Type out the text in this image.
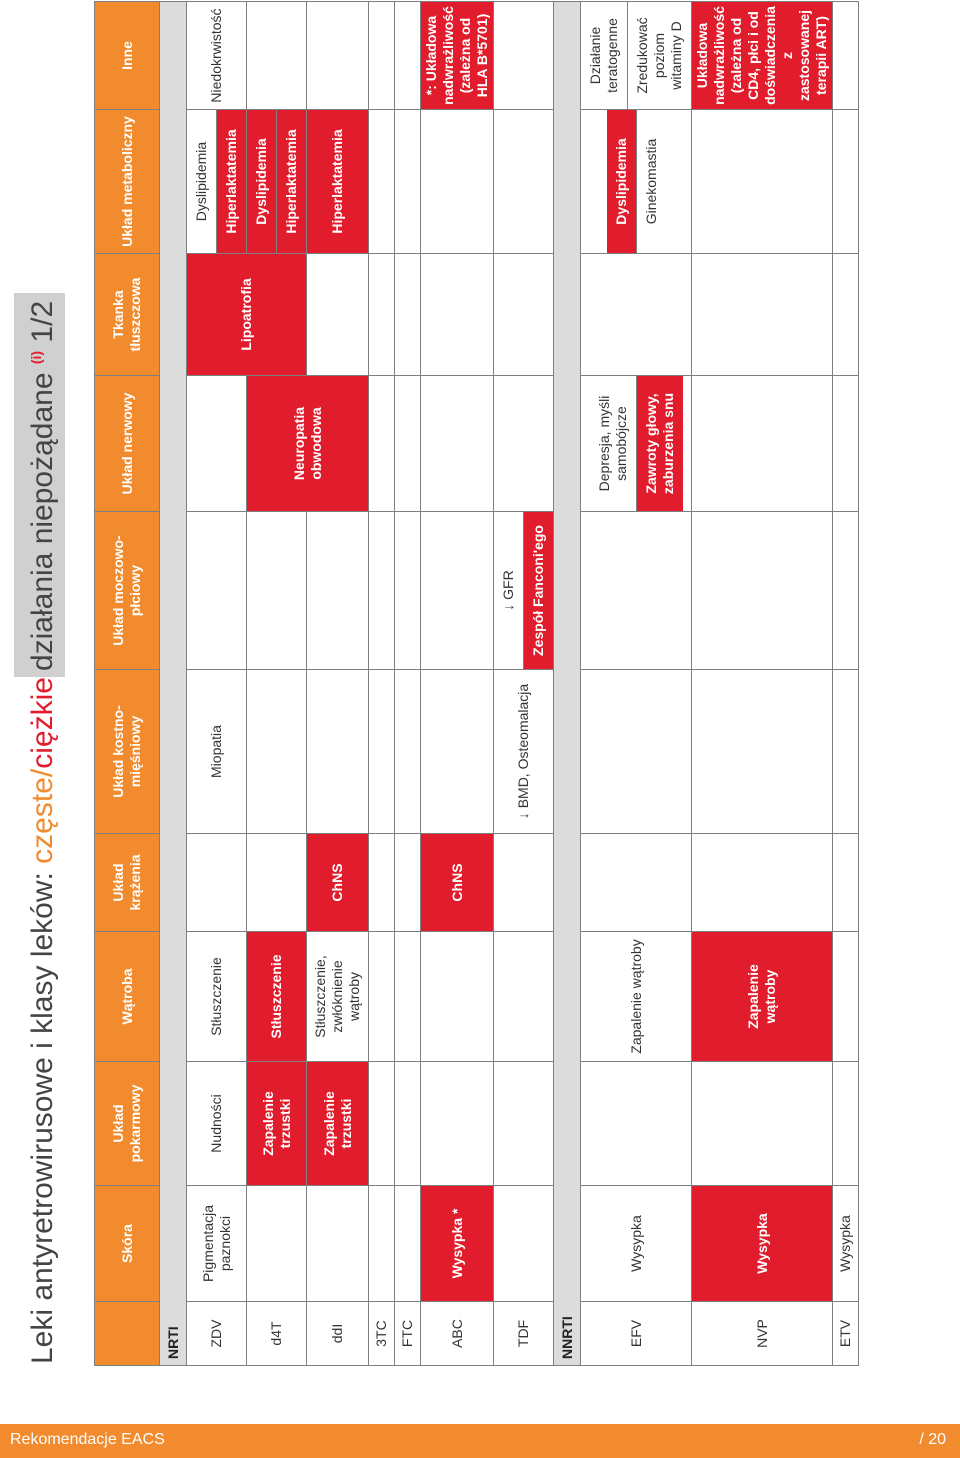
Leki antyretrowirusowe i klasy leków: częste/ciężkiedziałania niepożądane $^{(i)}$ 1/2
	Skóra	Układ pokarmowy	Wątroba	Układ krążenia	Układ kostno-mięśniowy	Układ moczowo-płciowy	Układ nerwowy	Tkanka tłuszczowa	Układ metaboliczny	Inne
NRTI										
ZDV	Pigmentacja paznokci	Nudności	Stłuszczenie		Miopatia			Lipoatrofia	Dyslipidemia Hiperlaktatemia	Niedokrwistość
d4T		Zapalenie trzustki	Stłuszczenie				Neuropatia obwodowa		Dyslipidemia Hiperlaktatemia	

ddI		Zapalenie trzustki	Stłuszczenie, zwłóknienie wątroby	ChNS					Hiperlaktatemia	
3TC										
FTC										
ABC	Wysypka *			ChNS						*: Układowa nadwrażliwość (zależna od HLA B*5701)
TDF					↓ BMD, Osteomalacja	↓ GFR Zespół Fanconi'ego				

NNRTI										
EFV	Wysypka		Zapalenie wątroby				Depresja, myśli samobójcze Zawroty głowy, zaburzenia snu		Dyslipidemia Ginekomastia	Działanie teratogenne Zredukować poziom witaminy D

NVP	Wysypka		Zapalenie wątroby							Układowa nadwrażliwość (zależna od CD4, płci i od doświadczenia z zastosowanej terapii ART)
ETV	Wysypka									
Rekomendacje EACS	/ 20
